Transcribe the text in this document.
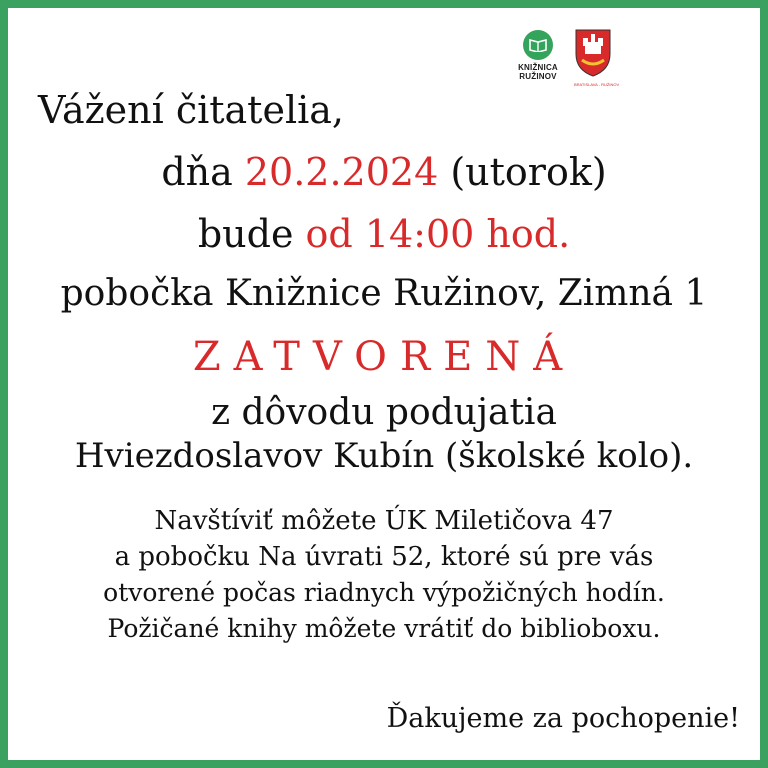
KNIŽNICA
RUŽINOV
BRATISLAVA - RUŽINOV
Vážení čitatelia,
dňa 20.2.2024 (utorok)
bude od 14:00 hod.
pobočka Knižnice Ružinov, Zimná 1
ZATVORENÁ
z dôvodu podujatia
Hviezdoslavov Kubín (školské kolo).
Navštíviť môžete ÚK Miletičova 47
a pobočku Na úvrati 52, ktoré sú pre vás
otvorené počas riadnych výpožičných hodín.
Požičané knihy môžete vrátiť do biblioboxu.
Ďakujeme za pochopenie!
